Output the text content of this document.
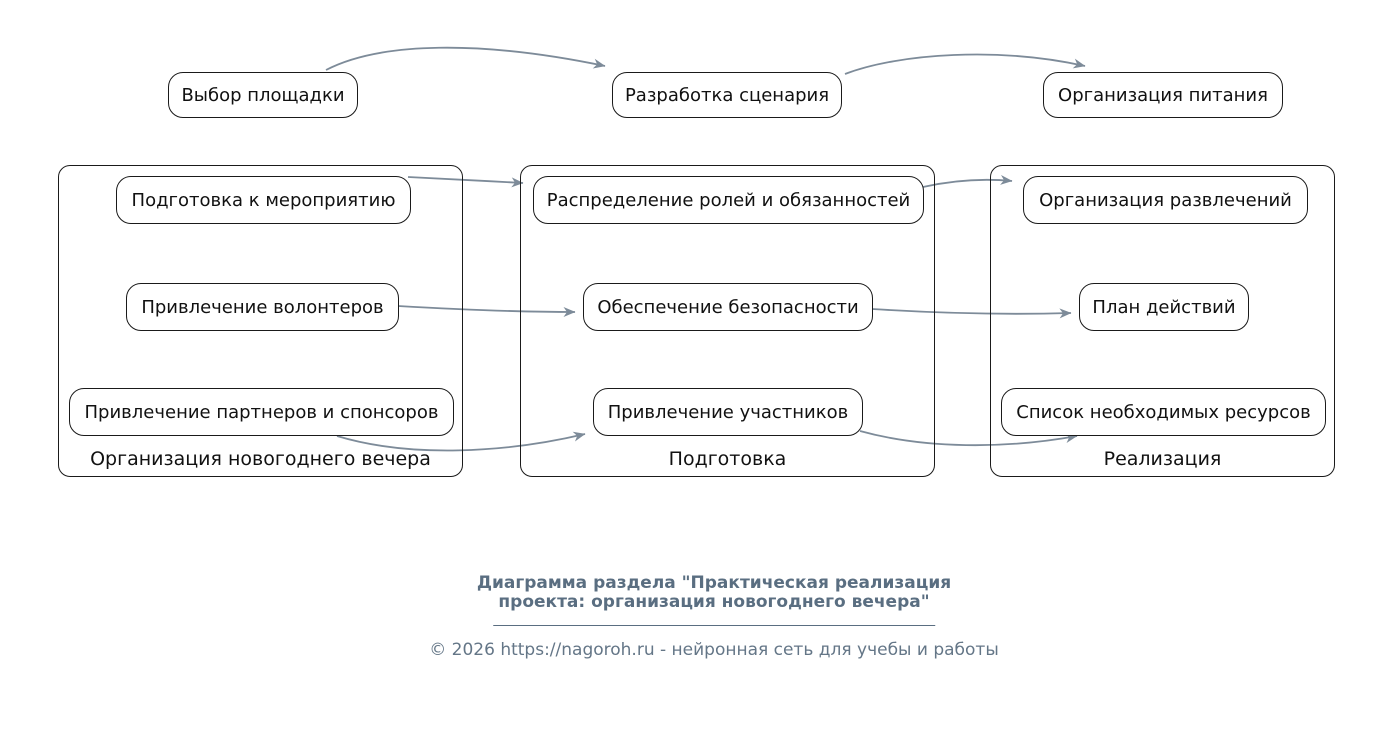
Выбор площадки	Разработка сценария	Организация питания
Подготовка к мероприятию
Привлечение волонтеров
Привлечение партнеров и спонсоров
Организация новогоднего вечера
Распределение ролей и обязанностей
Обеспечение безопасности
Привлечение участников
Подготовка
Организация развлечений
План действий
Список необходимых ресурсов
Реализация
Диаграмма раздела "Практическая реализация
проекта: организация новогоднего вечера"
© 2026 https://nagoroh.ru - нейронная сеть для учебы и работы
